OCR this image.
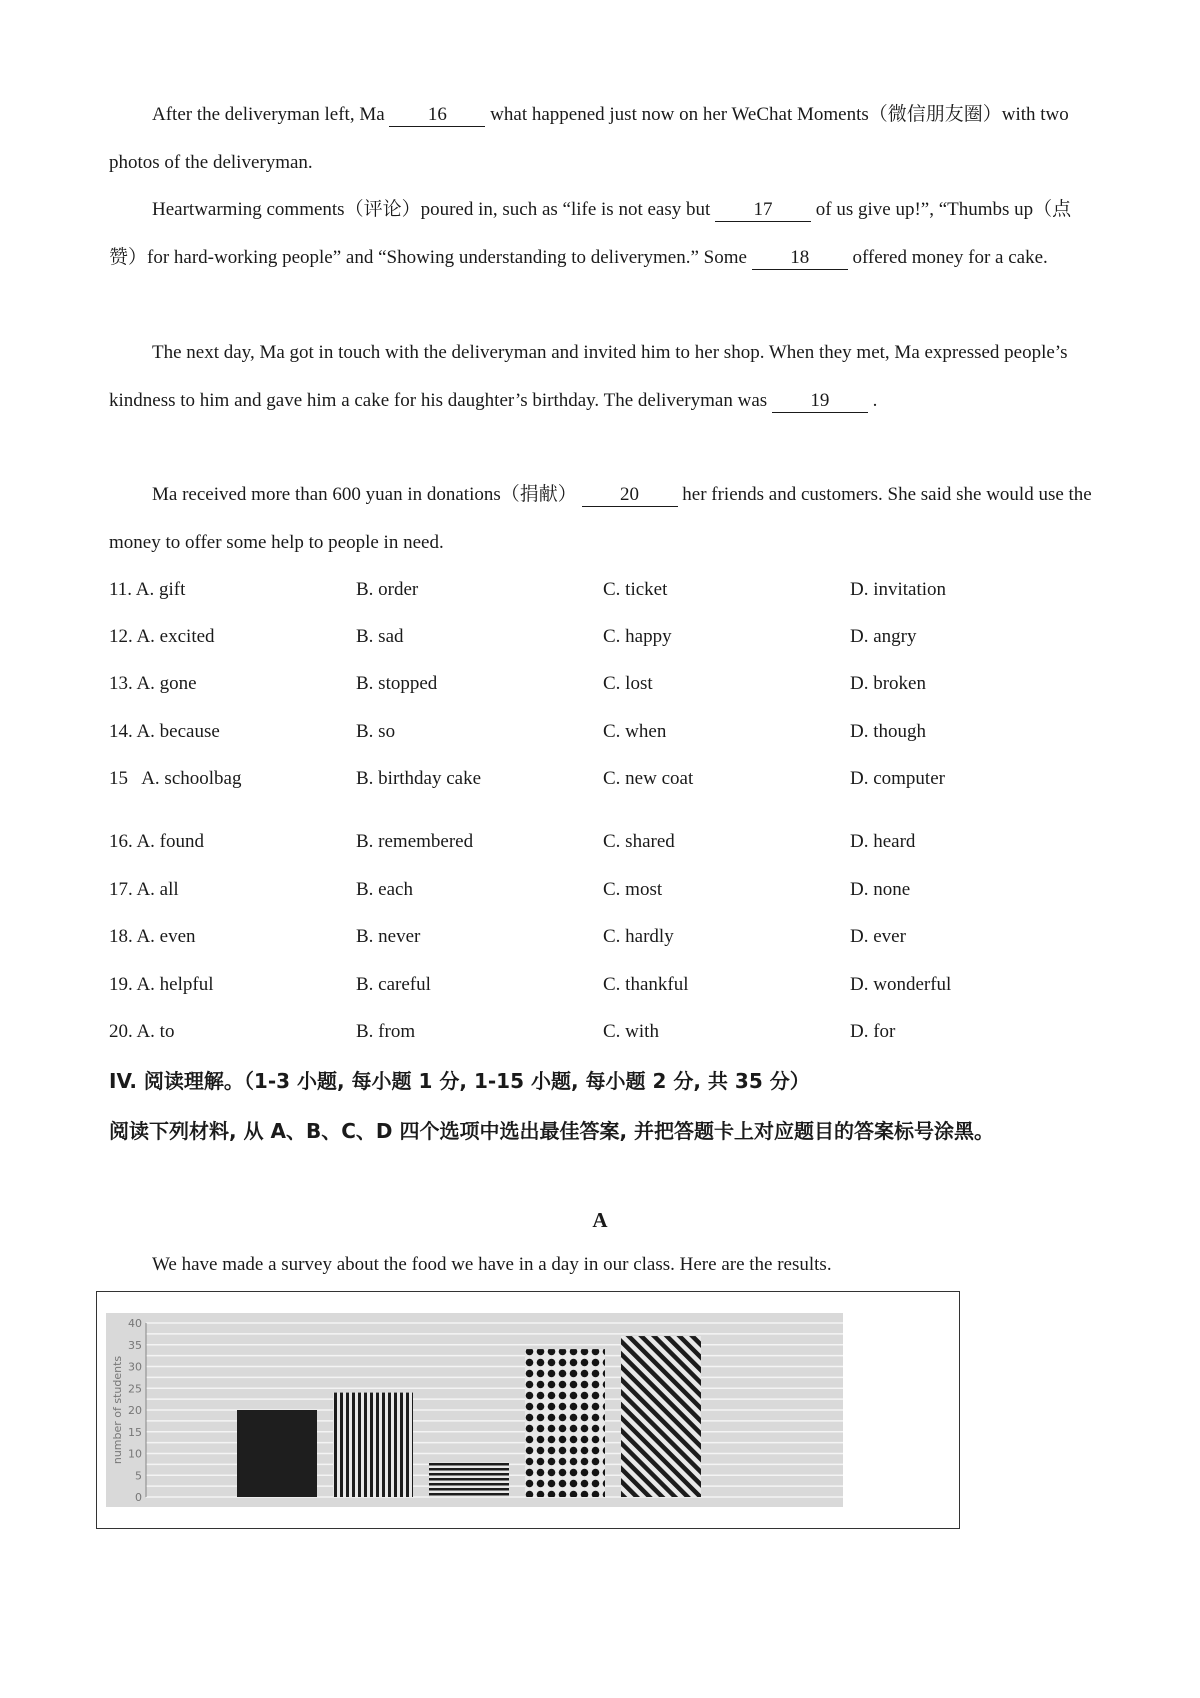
After the deliveryman left, Ma 16 what happened just now on her WeChat Moments（微信朋友圈）with two photos of the deliveryman.

Heartwarming comments（评论）poured in, such as “life is not easy but 17 of us give up!”, “Thumbs up（点赞）for hard-working people” and “Showing understanding to deliverymen.” Some 18 offered money for a cake.

The next day, Ma got in touch with the deliveryman and invited him to her shop. When they met, Ma expressed people’s kindness to him and gave him a cake for his daughter’s birthday. The deliveryman was 19 .

Ma received more than 600 yuan in donations（捐献） 20 her friends and customers. She said she would use the money to offer some help to people in need.

11. A. gift	B. order	C. ticket	D. invitation
12. A. excited	B. sad	C. happy	D. angry
13. A. gone	B. stopped	C. lost	D. broken
14. A. because	B. so	C. when	D. though
15   A. schoolbag	B. birthday cake	C. new coat	D. computer
16. A. found	B. remembered	C. shared	D. heard
17. A. all	B. each	C. most	D. none
18. A. even	B. never	C. hardly	D. ever
19. A. helpful	B. careful	C. thankful	D. wonderful
20. A. to	B. from	C. with	D. for
IV. 阅读理解。（1-3 小题, 每小题 1 分, 1-15 小题, 每小题 2 分, 共 35 分）
阅读下列材料, 从 A、B、C、D 四个选项中选出最佳答案, 并把答题卡上对应题目的答案标号涂黑。
A
We have made a survey about the food we have in a day in our class. Here are the results.
0
5
10
15
20
25
30
35
40
number of students
